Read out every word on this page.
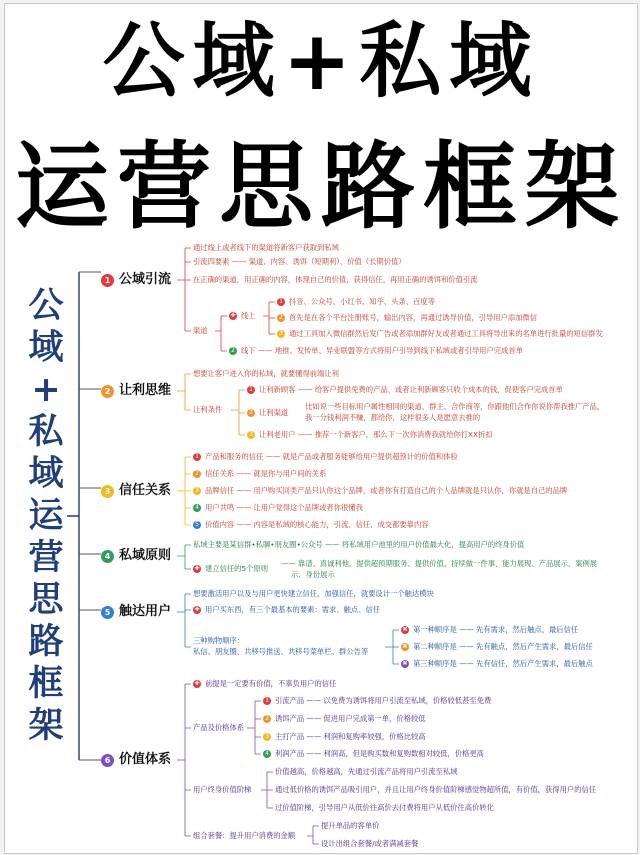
公域+私域
运营思路框架
公
域
+
私
域
运
营
思
路
框
架
1 公域引流
通过线上或者线下的渠道将新客户获取到私域
引流四要素 —— 渠道、内容、诱饵（短期利）、价值（长期价值）
在正确的渠道，用正确的内容，体现自己的价值，获得信任，再用正确的诱饵和价值引流
渠道
✚ 线上
1 抖音、公众号、小红书、知乎、头条、百度等
2 首先是在各个平台注册账号，输出内容，再通过诱导价值，引导用户添加微信
3 通过工具加入微信群然后发广告或者添加群好友或者通过工具将导出来的名单进行批量的短信群发
2 线下 —— 地推、发传单、异业联盟等方式将用户引导到线下私域或者引导用户完成首单
2 让利思维
想要让客户进入你的私域，就要懂得前端让利
让利条件
1 让利新顾客 —— 给客户提供免费的产品，或者让利新顾客只收个成本的钱，促使客户完成首单
2 让利渠道
比如说一些目标用户属性相同的渠道、群主、合作商等，你跟他们合作你说你帮我推广产品，
我一分钱利润不赚，都给你，这样很多人是愿意去推的
3 让利老用户 —— 推荐一个新客户，那么下一次你消费我就给你打XX折扣
3 信任关系
1 产品和服务的信任 —— 就是产品或者服务能够给用户提供超预计的价值和体验
2 信任关系 —— 就是你与用户间的关系
3 品牌信任 —— 用户购买同类产品只认你这个品牌，或者你有打造自己的个人品牌就是只认你，你就是自己的品牌
4 用户共鸣 —— 让用户觉得这个品牌或者你很懂我
5 价值内容 —— 内容是私域的核心能力，引流、信任、成交都要靠内容
4 私域原则
私域主要是某信群•私聊•朋友圈•公众号 —— 将私域用户池里的用户价值最大化，提高用户的终身价值
✚ 建立信任的5个原则
—— 靠谱、真诚利他、提供超预期服务、提供价值、持续做一件事、能力展现、产品展示、案例展
示、身份展示
5 触达用户
想要激活用户以及与用户更快建立信任、加强信任，就要设计一个触达模块
✚ 用户买东西，有三个最基本的要素：需求、触点、信任
三种购物顺序：
私信、朋友圈、共移号推送、共移号菜单栏、群公告等
✖ 第一种顺序是 —— 先有需求，然后触点，最后信任
✖ 第二种顺序是 —— 先有触点，然后产生需求，最后信任
✖ 第三种顺序是 —— 先有信任，然后产生需求，最后触点
6 价值体系
✚ 前提是一定要有价值，不辜负用户的信任
产品及价格体系
1 引流产品 —— 以免费为诱饵将用户引流至私域，价格较低甚至免费
2 诱饵产品 —— 促进用户完成第一单，价格较低
3 主打产品 —— 利润和复购率较强，价格比较高
4 利润产品 —— 利润高，但是购买数和复购数相对较低，价格更高
用户终身价值阶梯
价值越高，价格越高，先通过引流产品将用户引流至私域
通过低价格的诱饵产品吸引用户，并且让用户终身价值阶梯感觉物超所值，有价值，获得用户的信任
过价值阶梯，引导用户从低价往高价去付费将用户从低价往高价转化
组合套餐：提升用户消费的金额
提升单品的客单价
设计出组合套餐/或者满减套餐
